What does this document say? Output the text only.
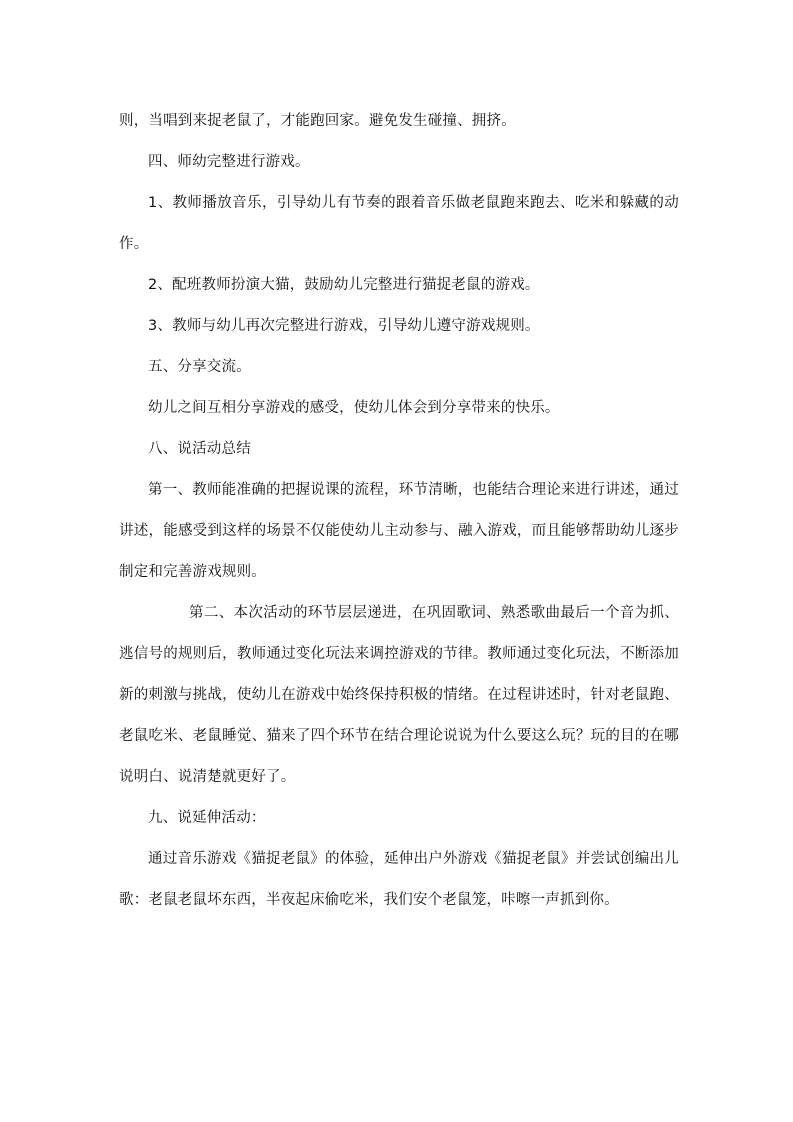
则，当唱到来捉老鼠了，才能跑回家。避免发生碰撞、拥挤。

四、师幼完整进行游戏。

1、教师播放音乐，引导幼儿有节奏的跟着音乐做老鼠跑来跑去、吃米和躲藏的动作。

2、配班教师扮演大猫，鼓励幼儿完整进行猫捉老鼠的游戏。

3、教师与幼儿再次完整进行游戏，引导幼儿遵守游戏规则。

五、分享交流。

幼儿之间互相分享游戏的感受，使幼儿体会到分享带来的快乐。

八、说活动总结

第一、教师能准确的把握说课的流程，环节清晰，也能结合理论来进行讲述，通过讲述，能感受到这样的场景不仅能使幼儿主动参与、融入游戏，而且能够帮助幼儿逐步制定和完善游戏规则。

第二、本次活动的环节层层递进，在巩固歌词、熟悉歌曲最后一个音为抓、逃信号的规则后，教师通过变化玩法来调控游戏的节律。教师通过变化玩法，不断添加新的刺激与挑战，使幼儿在游戏中始终保持积极的情绪。在过程讲述时，针对老鼠跑、老鼠吃米、老鼠睡觉、猫来了四个环节在结合理论说说为什么要这么玩？玩的目的在哪说明白、说清楚就更好了。

九、说延伸活动：

通过音乐游戏《猫捉老鼠》的体验，延伸出户外游戏《猫捉老鼠》并尝试创编出儿歌：老鼠老鼠坏东西，半夜起床偷吃米，我们安个老鼠笼，咔嚓一声抓到你。
